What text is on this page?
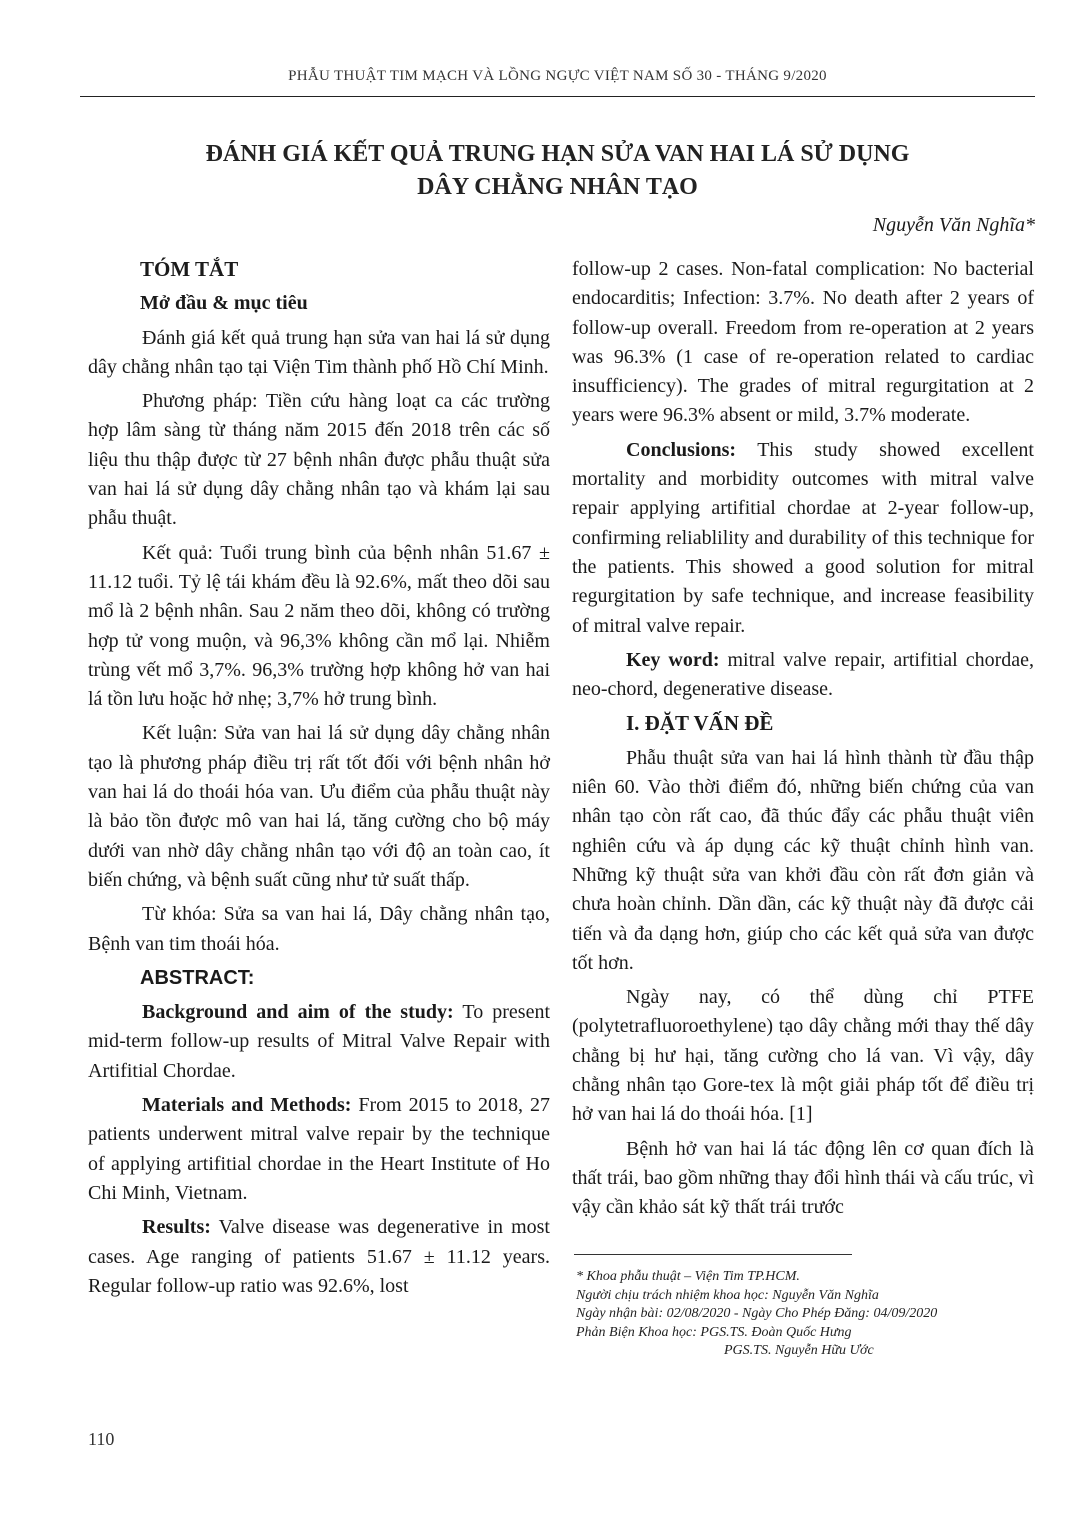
PHẪU THUẬT TIM MẠCH VÀ LỒNG NGỰC VIỆT NAM SỐ 30 - THÁNG 9/2020
ĐÁNH GIÁ KẾT QUẢ TRUNG HẠN SỬA VAN HAI LÁ SỬ DỤNG
DÂY CHẰNG NHÂN TẠO
Nguyễn Văn Nghĩa*

TÓM TẮT

Mở đầu & mục tiêu

Đánh giá kết quả trung hạn sửa van hai lá sử dụng dây chằng nhân tạo tại Viện Tim thành phố Hồ Chí Minh.

Phương pháp: Tiền cứu hàng loạt ca các trường hợp lâm sàng từ tháng năm 2015 đến 2018 trên các số liệu thu thập được từ 27 bệnh nhân được phẫu thuật sửa van hai lá sử dụng dây chằng nhân tạo và khám lại sau phẫu thuật.

Kết quả: Tuổi trung bình của bệnh nhân 51.67 ± 11.12 tuổi. Tỷ lệ tái khám đều là 92.6%, mất theo dõi sau mổ là 2 bệnh nhân. Sau 2 năm theo dõi, không có trường hợp tử vong muộn, và 96,3% không cần mổ lại. Nhiễm trùng vết mổ 3,7%. 96,3% trường hợp không hở van hai lá tồn lưu hoặc hở nhẹ; 3,7% hở trung bình.

Kết luận: Sửa van hai lá sử dụng dây chằng nhân tạo là phương pháp điều trị rất tốt đối với bệnh nhân hở van hai lá do thoái hóa van. Ưu điểm của phẫu thuật này là bảo tồn được mô van hai lá, tăng cường cho bộ máy dưới van nhờ dây chằng nhân tạo với độ an toàn cao, ít biến chứng, và bệnh suất cũng như tử suất thấp.

Từ khóa: Sửa sa van hai lá, Dây chằng nhân tạo, Bệnh van tim thoái hóa.

ABSTRACT:

Background and aim of the study: To present mid-term follow-up results of Mitral Valve Repair with Artifitial Chordae.

Materials and Methods: From 2015 to 2018, 27 patients underwent mitral valve repair by the technique of applying artifitial chordae in the Heart Institute of Ho Chi Minh, Vietnam.

Results: Valve disease was degenerative in most cases. Age ranging of patients 51.67 ± 11.12 years. Regular follow-up ratio was 92.6%, lost

follow-up 2 cases. Non-fatal complication: No bacterial endocarditis; Infection: 3.7%. No death after 2 years of follow-up overall. Freedom from re-operation at 2 years was 96.3% (1 case of re-operation related to cardiac insufficiency). The grades of mitral regurgitation at 2 years were 96.3% absent or mild, 3.7% moderate.

Conclusions: This study showed excellent mortality and morbidity outcomes with mitral valve repair applying artifitial chordae at 2-year follow-up, confirming reliablility and durability of this technique for the patients. This showed a good solution for mitral regurgitation by safe technique, and increase feasibility of mitral valve repair.

Key word: mitral valve repair, artifitial chordae, neo-chord, degenerative disease.

I. ĐẶT VẤN ĐỀ

Phẫu thuật sửa van hai lá hình thành từ đầu thập niên 60. Vào thời điểm đó, những biến chứng của van nhân tạo còn rất cao, đã thúc đẩy các phẫu thuật viên nghiên cứu và áp dụng các kỹ thuật chỉnh hình van. Những kỹ thuật sửa van khởi đầu còn rất đơn giản và chưa hoàn chỉnh. Dần dần, các kỹ thuật này đã được cải tiến và đa dạng hơn, giúp cho các kết quả sửa van được tốt hơn.

Ngày nay, có thể dùng chỉ PTFE (polytetrafluoroethylene) tạo dây chằng mới thay thế dây chằng bị hư hại, tăng cường cho lá van. Vì vậy, dây chằng nhân tạo Gore-tex là một giải pháp tốt để điều trị hở van hai lá do thoái hóa. [1]

Bệnh hở van hai lá tác động lên cơ quan đích là thất trái, bao gồm những thay đổi hình thái và cấu trúc, vì vậy cần khảo sát kỹ thất trái trước

* Khoa phẫu thuật – Viện Tim TP.HCM.
Người chịu trách nhiệm khoa học: Nguyễn Văn Nghĩa
Ngày nhận bài: 02/08/2020 - Ngày Cho Phép Đăng: 04/09/2020
Phản Biện Khoa học: PGS.TS. Đoàn Quốc Hưng
PGS.TS. Nguyễn Hữu Ước
110
